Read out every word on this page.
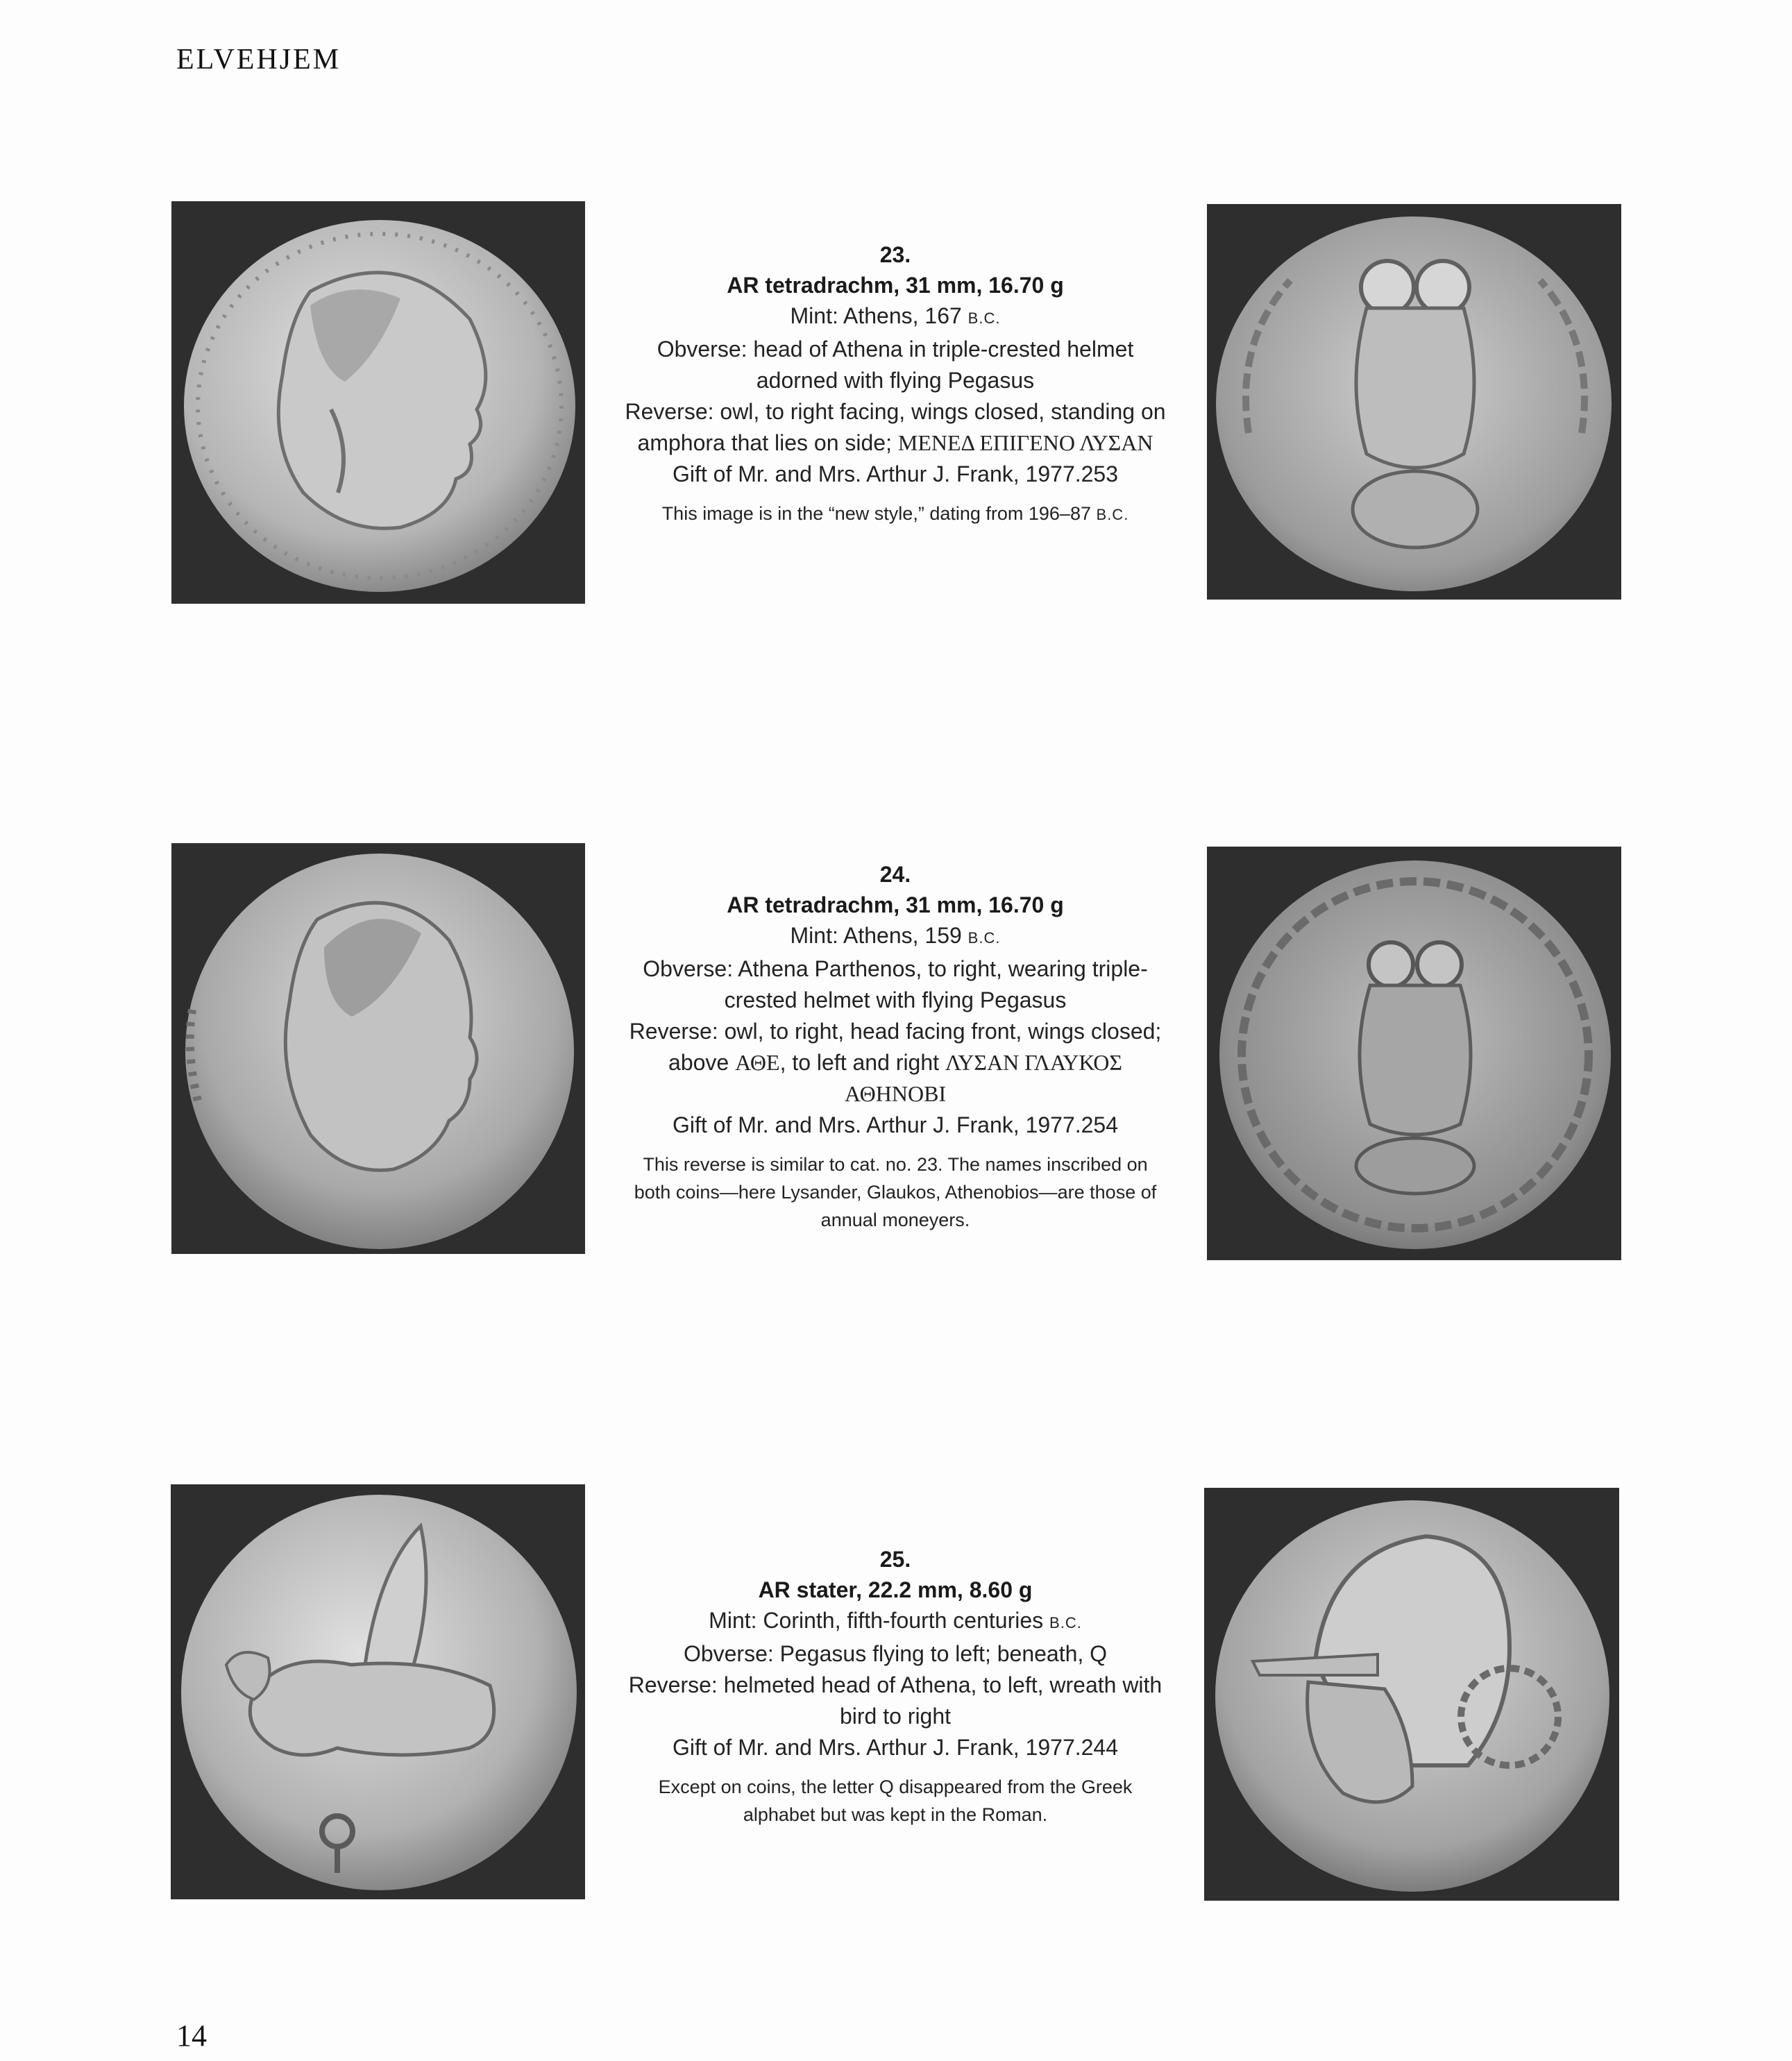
ELVEHJEM
23.
AR tetradrachm, 31 mm, 16.70 g
Mint: Athens, 167 B.C.
Obverse: head of Athena in triple-crested helmet adorned with flying Pegasus
Reverse: owl, to right facing, wings closed, standing on amphora that lies on side; ΜΕΝΕΔ ΕΠΙΓΕΝΟ ΛΥΣΑΝ
Gift of Mr. and Mrs. Arthur J. Frank, 1977.253
This image is in the “new style,” dating from 196–87 B.C.
24.
AR tetradrachm, 31 mm, 16.70 g
Mint: Athens, 159 B.C.
Obverse: Athena Parthenos, to right, wearing triple-crested helmet with flying Pegasus
Reverse: owl, to right, head facing front, wings closed; above ΑΘΕ, to left and right ΛΥΣΑΝ ΓΛΑΥΚΟΣ ΑΘΗΝΟΒΙ
Gift of Mr. and Mrs. Arthur J. Frank, 1977.254
This reverse is similar to cat. no. 23. The names inscribed on both coins—here Lysander, Glaukos, Athenobios—are those of annual moneyers.
25.
AR stater, 22.2 mm, 8.60 g
Mint: Corinth, fifth-fourth centuries B.C.
Obverse: Pegasus flying to left; beneath, Q
Reverse: helmeted head of Athena, to left, wreath with bird to right
Gift of Mr. and Mrs. Arthur J. Frank, 1977.244
Except on coins, the letter Q disappeared from the Greek alphabet but was kept in the Roman.
14
